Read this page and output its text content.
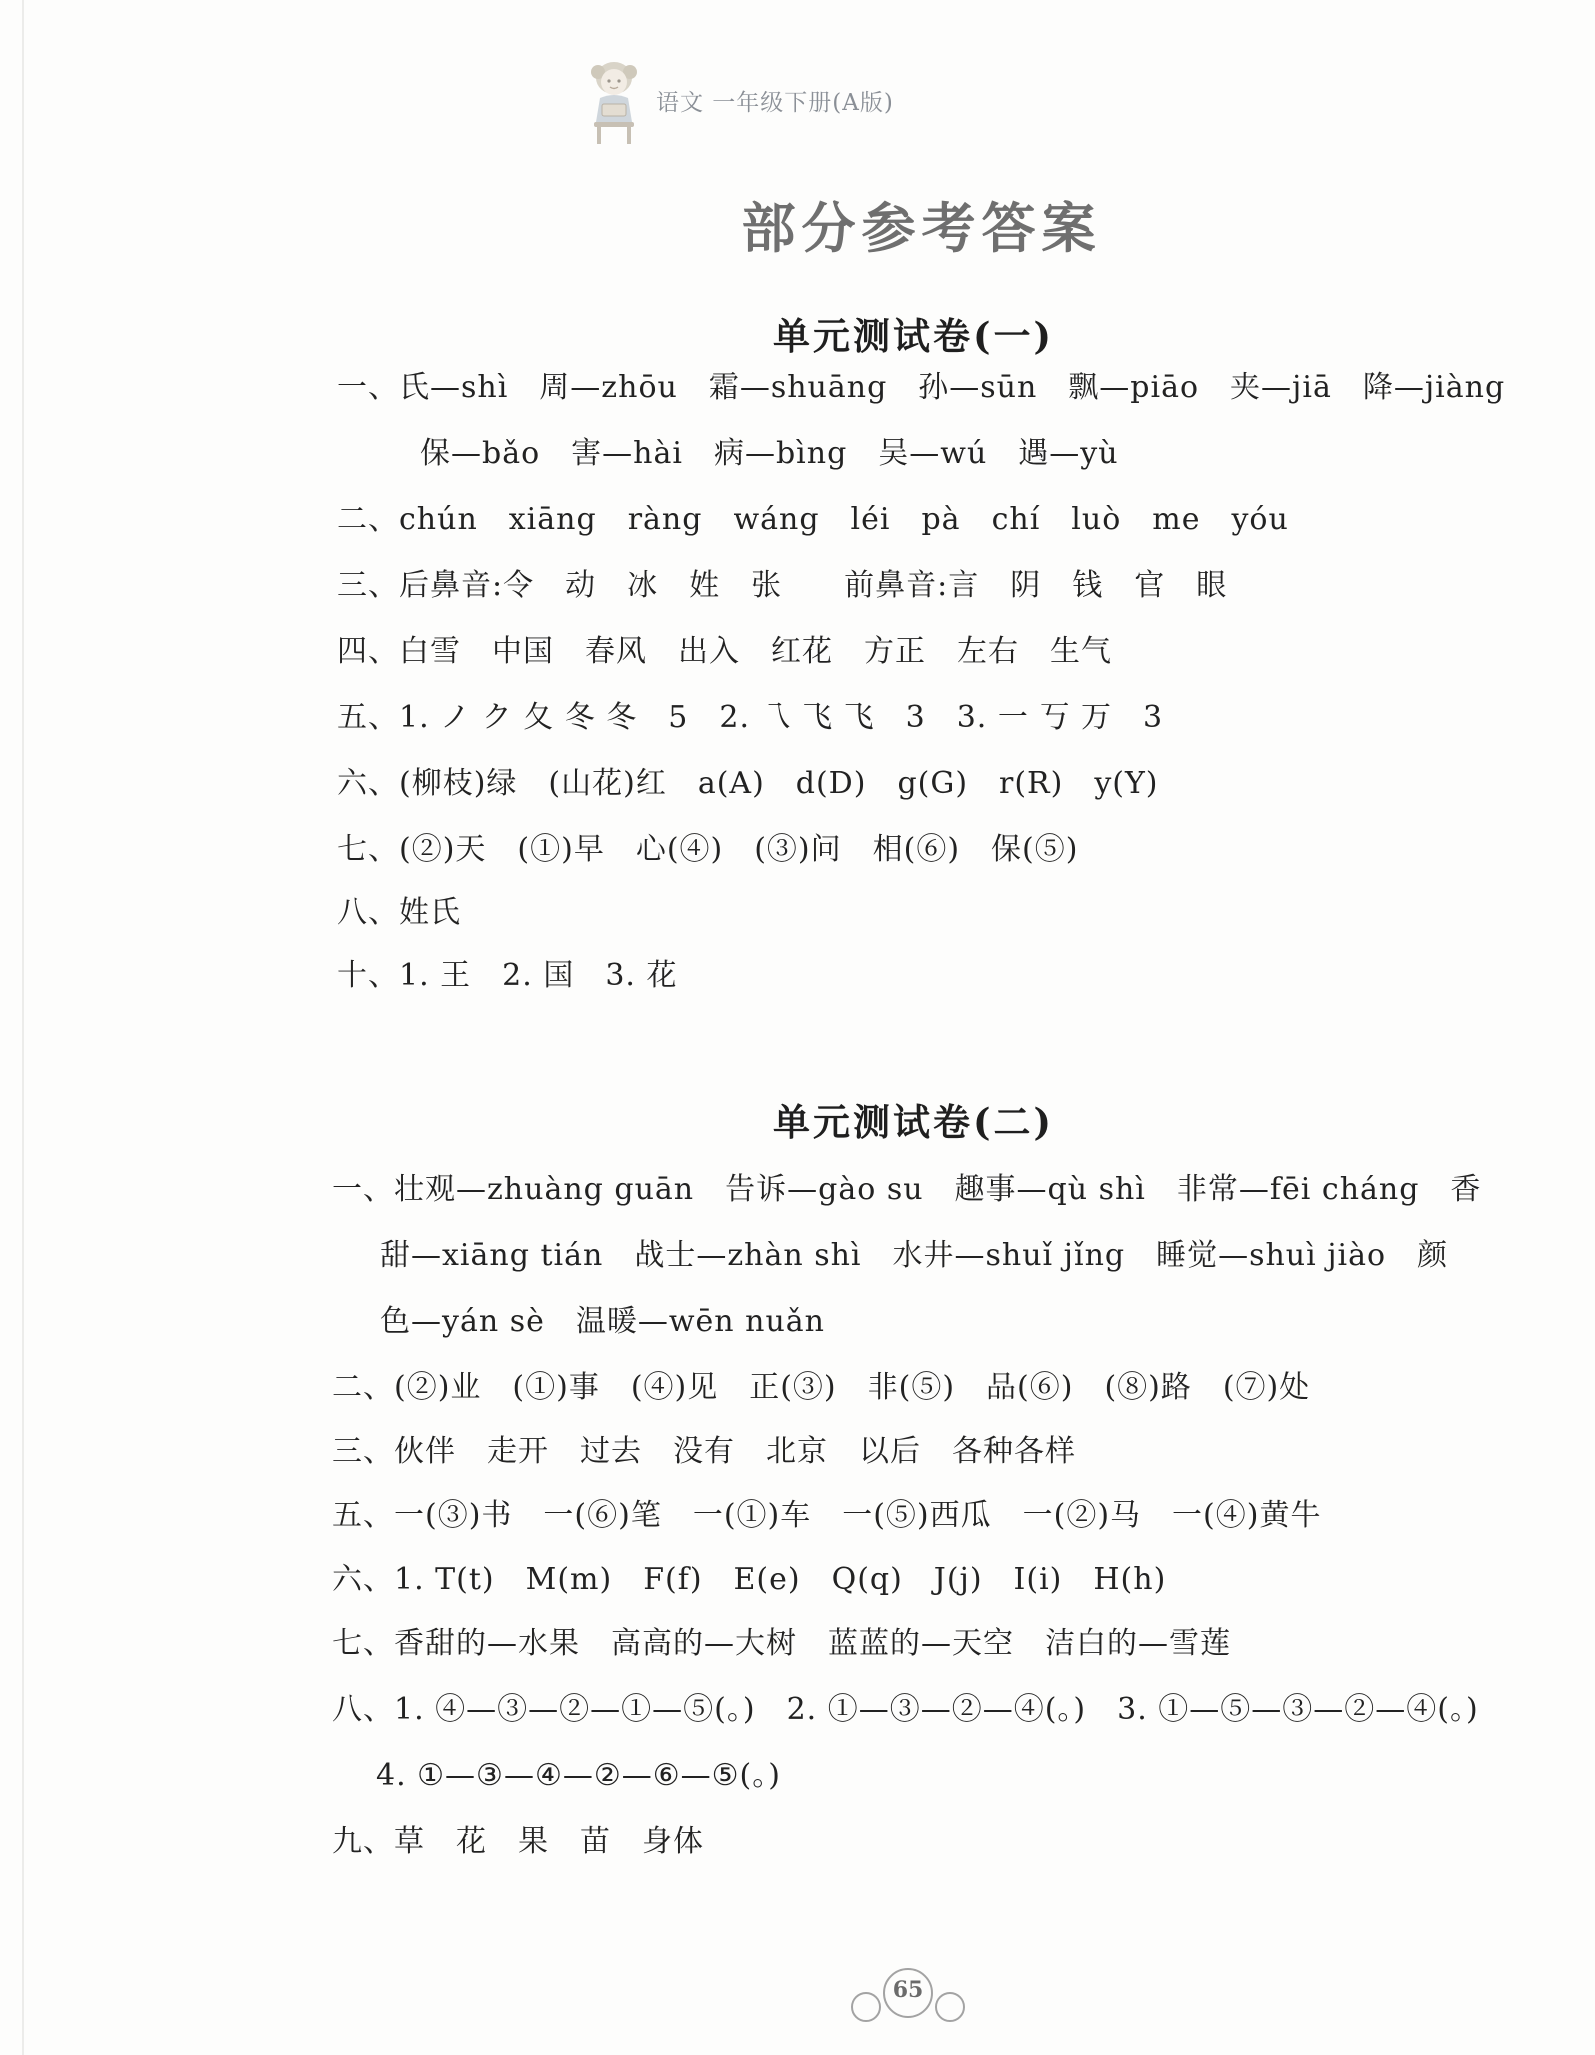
语文 一年级下册(A版)
部分参考答案
单元测试卷(一)
一、氏—shì　周—zhōu　霜—shuāng　孙—sūn　飘—piāo　夹—jiā　降—jiàng
保—bǎo　害—hài　病—bìng　吴—wú　遇—yù
二、chún　xiāng　ràng　wáng　léi　pà　chí　luò　me　yóu
三、后鼻音:令　动　冰　姓　张　　前鼻音:言　阴　钱　官　眼
四、白雪　中国　春风　出入　红花　方正　左右　生气
五、1. ノ ク 夂 冬 冬　5　2. 乁 飞 飞　3　3. 一 丂 万　3
六、(柳枝)绿　(山花)红　a(A)　d(D)　g(G)　r(R)　y(Y)
七、(②)天　(①)早　心(④)　(③)问　相(⑥)　保(⑤)
八、姓氏
十、1. 王　2. 国　3. 花
单元测试卷(二)
一、壮观—zhuàng guān　告诉—gào su　趣事—qù shì　非常—fēi cháng　香
甜—xiāng tián　战士—zhàn shì　水井—shuǐ jǐng　睡觉—shuì jiào　颜
色—yán sè　温暖—wēn nuǎn
二、(②)业　(①)事　(④)见　正(③)　非(⑤)　品(⑥)　(⑧)路　(⑦)处
三、伙伴　走开　过去　没有　北京　以后　各种各样
五、一(③)书　一(⑥)笔　一(①)车　一(⑤)西瓜　一(②)马　一(④)黄牛
六、1. T(t)　M(m)　F(f)　E(e)　Q(q)　J(j)　I(i)　H(h)
七、香甜的—水果　高高的—大树　蓝蓝的—天空　洁白的—雪莲
八、1. ④—③—②—①—⑤(。)　2. ①—③—②—④(。)　3. ①—⑤—③—②—④(。)
4. ①—③—④—②—⑥—⑤(。)
九、草　花　果　苗　身体
65
